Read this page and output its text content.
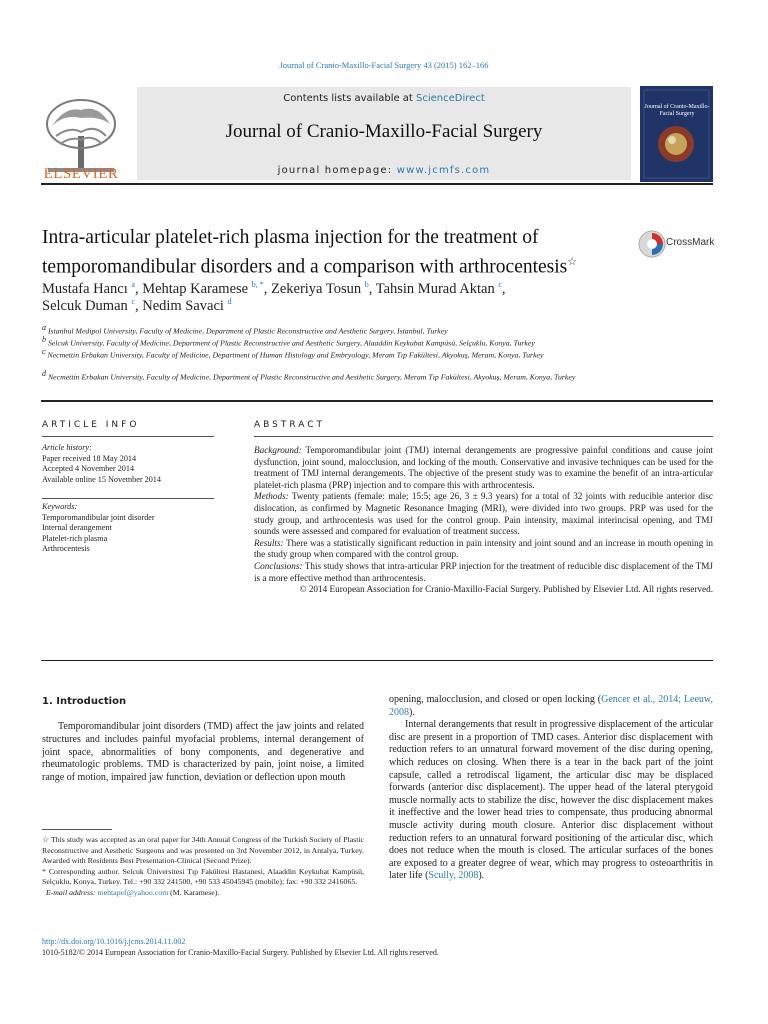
Journal of Cranio-Maxillo-Facial Surgery 43 (2015) 162–166
ELSEVIER
Contents lists available at ScienceDirect
Journal of Cranio-Maxillo-Facial Surgery
journal homepage: www.jcmfs.com
Journal of Cranio-Maxillo-Facial Surgery
Intra-articular platelet-rich plasma injection for the treatment of temporomandibular disorders and a comparison with arthrocentesis☆
CrossMark
Mustafa Hancı $^a$, Mehtap Karamese $^{b, *}$, Zekeriya Tosun $^b$, Tahsin Murad Aktan $^c$,
Selcuk Duman $^c$, Nedim Savaci $^d$
$^a$ Istanbul Medipol University, Faculty of Medicine, Department of Plastic Reconstructive and Aesthetic Surgery, Istanbul, Turkey
$^b$ Selcuk University, Faculty of Medicine, Department of Plastic Reconstructive and Aesthetic Surgery, Alaaddin Keykubat Kampüsü, Selçuklu, Konya, Turkey
$^c$ Necmettin Erbakan University, Faculty of Medicine, Department of Human Histology and Embryology, Meram Tıp Fakültesi, Akyokuş, Meram, Konya, Turkey
$^d$ Necmettin Erbakan University, Faculty of Medicine, Department of Plastic Reconstructive and Aesthetic Surgery, Meram Tıp Fakültesi, Akyokuş, Meram, Konya, Turkey
ARTICLE INFO
Article history:
Paper received 18 May 2014
Accepted 4 November 2014
Available online 15 November 2014
Keywords:
Temporomandibular joint disorder
Internal derangement
Platelet-rich plasma
Arthrocentesis
ABSTRACT

Background: Temporomandibular joint (TMJ) internal derangements are progressive painful conditions and cause joint dysfunction, joint sound, malocclusion, and locking of the mouth. Conservative and invasive techniques can be used for the treatment of TMJ internal derangements. The objective of the present study was to examine the benefit of an intra-articular platelet-rich plasma (PRP) injection and to compare this with arthrocentesis.

Methods: Twenty patients (female: male; 15:5; age 26, 3 ± 9.3 years) for a total of 32 joints with reducible anterior disc dislocation, as confirmed by Magnetic Resonance Imaging (MRI), were divided into two groups. PRP was used for the study group, and arthrocentesis was used for the control group. Pain intensity, maximal interincisal opening, and TMJ sounds were assessed and compared for evaluation of treatment success.

Results: There was a statistically significant reduction in pain intensity and joint sound and an increase in mouth opening in the study group when compared with the control group.

Conclusions: This study shows that intra-articular PRP injection for the treatment of reducible disc displacement of the TMJ is a more effective method than arthrocentesis.

© 2014 European Association for Cranio-Maxillo-Facial Surgery. Published by Elsevier Ltd. All rights reserved.

1. Introduction

Temporomandibular joint disorders (TMD) affect the jaw joints and related structures and includes painful myofacial problems, internal derangement of joint space, abnormalities of bony components, and degenerative and rheumatologic problems. TMD is characterized by pain, joint noise, a limited range of motion, impaired jaw function, deviation or deflection upon mouth

opening, malocclusion, and closed or open locking (Gencer et al., 2014; Leeuw, 2008).

Internal derangements that result in progressive displacement of the articular disc are present in a proportion of TMD cases. Anterior disc displacement with reduction refers to an unnatural forward movement of the disc during opening, which reduces on closing. When there is a tear in the back part of the joint capsule, called a retrodiscal ligament, the articular disc may be displaced forwards (anterior disc displacement). The upper head of the lateral pterygoid muscle normally acts to stabilize the disc, however the disc displacement makes it ineffective and the lower head tries to compensate, thus producing abnormal muscle activity during mouth closure. Anterior disc displacement without reduction refers to an unnatural forward positioning of the articular disc, which does not reduce when the mouth is closed. The articular surfaces of the bones are exposed to a greater degree of wear, which may progress to osteoarthritis in later life (Scully, 2008).

☆ This study was accepted as an oral paper for 34th Annual Congress of the Turkish Society of Plastic Reconstructive and Aesthetic Surgeons and was presented on 3rd November 2012, in Antalya, Turkey. Awarded with Residents Best Presentation-Clinical (Second Prize).

* Corresponding author. Selcuk Üniversitesi Tıp Fakültesi Hastanesi, Alaaddin Keykubat Kampüsü, Selçuklu, Konya, Turkey. Tel.: +90 332 241500, +90 533 45045945 (mobile); fax: +90 332 2416065.

E-mail address: mehtapef@yahoo.com (M. Karamese).

http://dx.doi.org/10.1016/j.jcms.2014.11.002
1010-5182/© 2014 European Association for Cranio-Maxillo-Facial Surgery. Published by Elsevier Ltd. All rights reserved.
